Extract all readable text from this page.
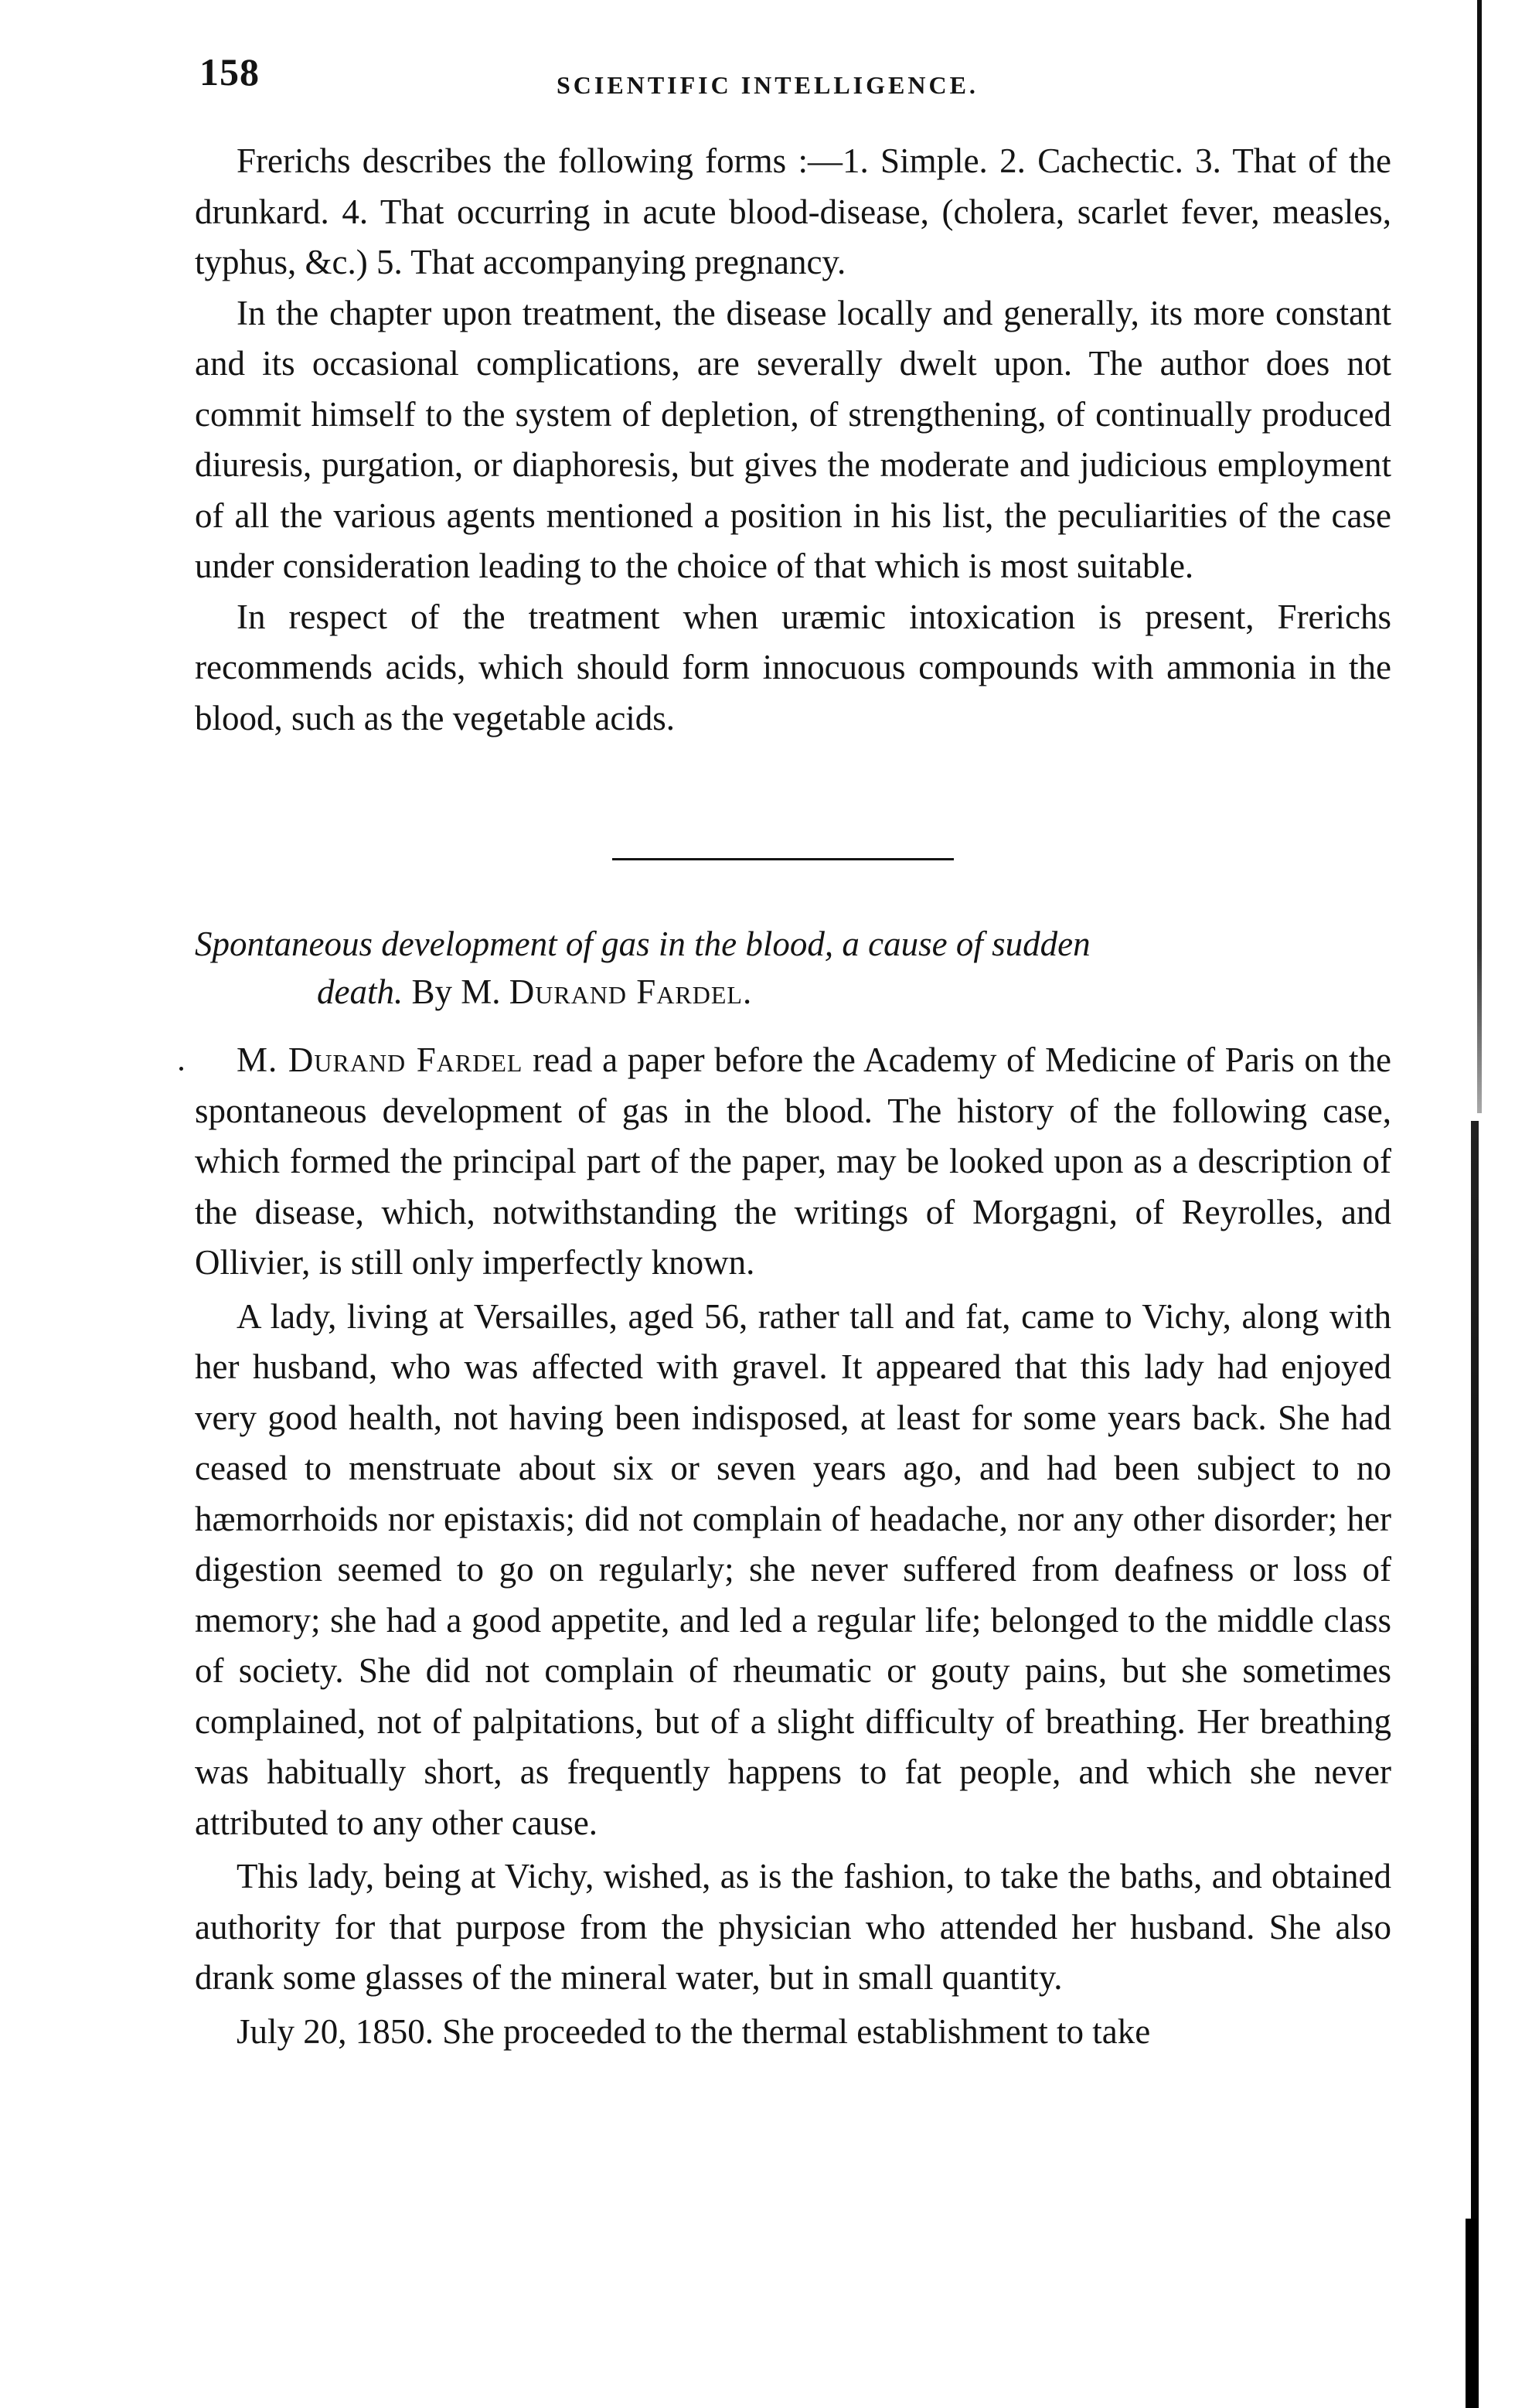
158	SCIENTIFIC INTELLIGENCE.

Frerichs describes the following forms :—1. Simple. 2. Cachectic. 3. That of the drunkard. 4. That occurring in acute blood-disease, (cholera, scarlet fever, measles, typhus, &c.) 5. That accompanying pregnancy.

In the chapter upon treatment, the disease locally and generally, its more constant and its occasional complications, are severally dwelt upon. The author does not commit himself to the system of depletion, of strengthening, of continually produced diuresis, purgation, or diaphoresis, but gives the moderate and judicious employment of all the various agents mentioned a position in his list, the peculiarities of the case under consideration leading to the choice of that which is most suitable.

In respect of the treatment when uræmic intoxication is present, Frerichs recommends acids, which should form innocuous compounds with ammonia in the blood, such as the vegetable acids.

Spontaneous development of gas in the blood, a cause of sudden
death. By M. Durand Fardel.

M. Durand Fardel read a paper before the Academy of Medicine of Paris on the spontaneous development of gas in the blood. The history of the following case, which formed the principal part of the paper, may be looked upon as a description of the disease, which, notwithstanding the writings of Morgagni, of Reyrolles, and Ollivier, is still only imperfectly known.

A lady, living at Versailles, aged 56, rather tall and fat, came to Vichy, along with her husband, who was affected with gravel. It appeared that this lady had enjoyed very good health, not having been indisposed, at least for some years back. She had ceased to menstruate about six or seven years ago, and had been subject to no hæmorrhoids nor epistaxis; did not complain of headache, nor any other disorder; her digestion seemed to go on regularly; she never suffered from deafness or loss of memory; she had a good appetite, and led a regular life; belonged to the middle class of society. She did not complain of rheumatic or gouty pains, but she sometimes complained, not of palpitations, but of a slight difficulty of breathing. Her breathing was habitually short, as frequently happens to fat people, and which she never attributed to any other cause.

This lady, being at Vichy, wished, as is the fashion, to take the baths, and obtained authority for that purpose from the physician who attended her husband. She also drank some glasses of the mineral water, but in small quantity.

July 20, 1850. She proceeded to the thermal establishment to take
